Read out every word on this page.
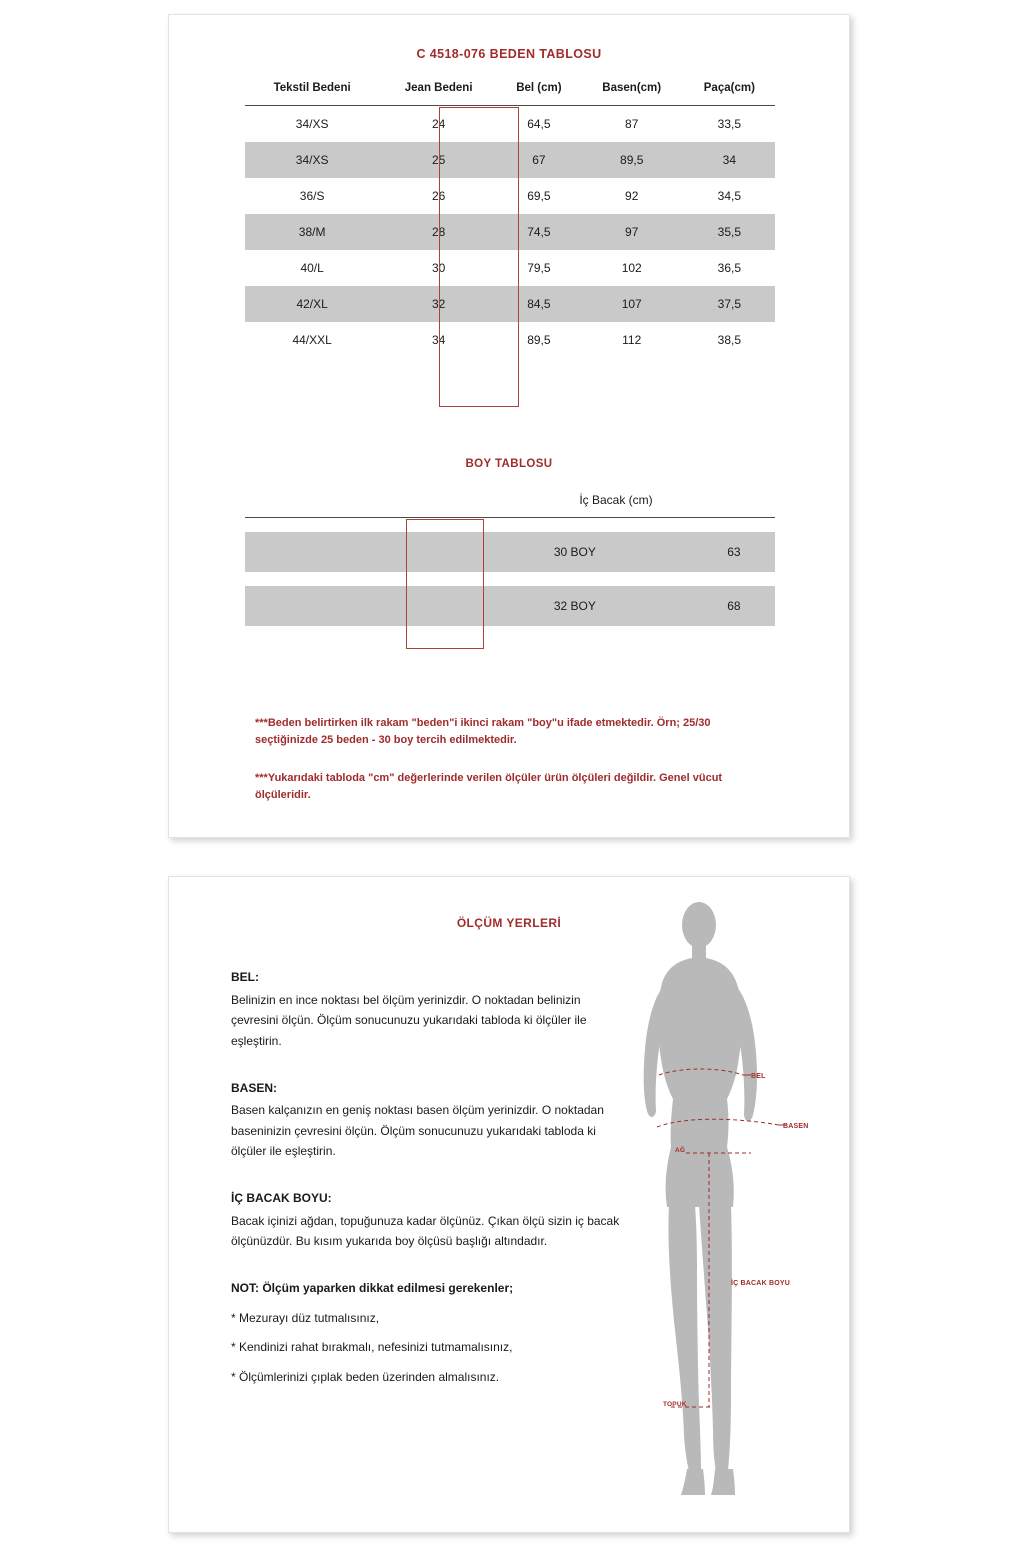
C 4518-076 BEDEN TABLOSU
Tekstil Bedeni	Jean Bedeni	Bel (cm)	Basen(cm)	Paça(cm)
34/XS	24	64,5	87	33,5
34/XS	25	67	89,5	34
36/S	26	69,5	92	34,5
38/M	28	74,5	97	35,5
40/L	30	79,5	102	36,5
42/XL	32	84,5	107	37,5
44/XXL	34	89,5	112	38,5
BOY TABLOSU
	İç Bacak (cm)	

	30 BOY	63

	32 BOY	68
***Beden belirtirken ilk rakam "beden"i ikinci rakam "boy"u ifade etmektedir. Örn; 25/30 seçtiğinizde 25 beden - 30 boy tercih edilmektedir.
***Yukarıdaki tabloda "cm" değerlerinde verilen ölçüler ürün ölçüleri değildir. Genel vücut ölçüleridir.
ÖLÇÜM YERLERİ
BEL:

Belinizin en ince noktası bel ölçüm yerinizdir. O noktadan belinizin çevresini ölçün. Ölçüm sonucunuzu yukarıdaki tabloda ki ölçüler ile eşleştirin.

BASEN:

Basen kalçanızın en geniş noktası basen ölçüm yerinizdir. O noktadan baseninizin çevresini ölçün. Ölçüm sonucunuzu yukarıdaki tabloda ki ölçüler ile eşleştirin.

İÇ BACAK BOYU:

Bacak içinizi ağdan, topuğunuza kadar ölçünüz. Çıkan ölçü sizin iç bacak ölçünüzdür. Bu kısım yukarıda boy ölçüsü başlığı altındadır.

NOT: Ölçüm yaparken dikkat edilmesi gerekenler;
* Mezurayı düz tutmalısınız,
* Kendinizi rahat bırakmalı, nefesinizi tutmamalısınız,
* Ölçümlerinizi çıplak beden üzerinden almalısınız.
BEL
BASEN
AĞ
İÇ BACAK BOYU
TOPUK
